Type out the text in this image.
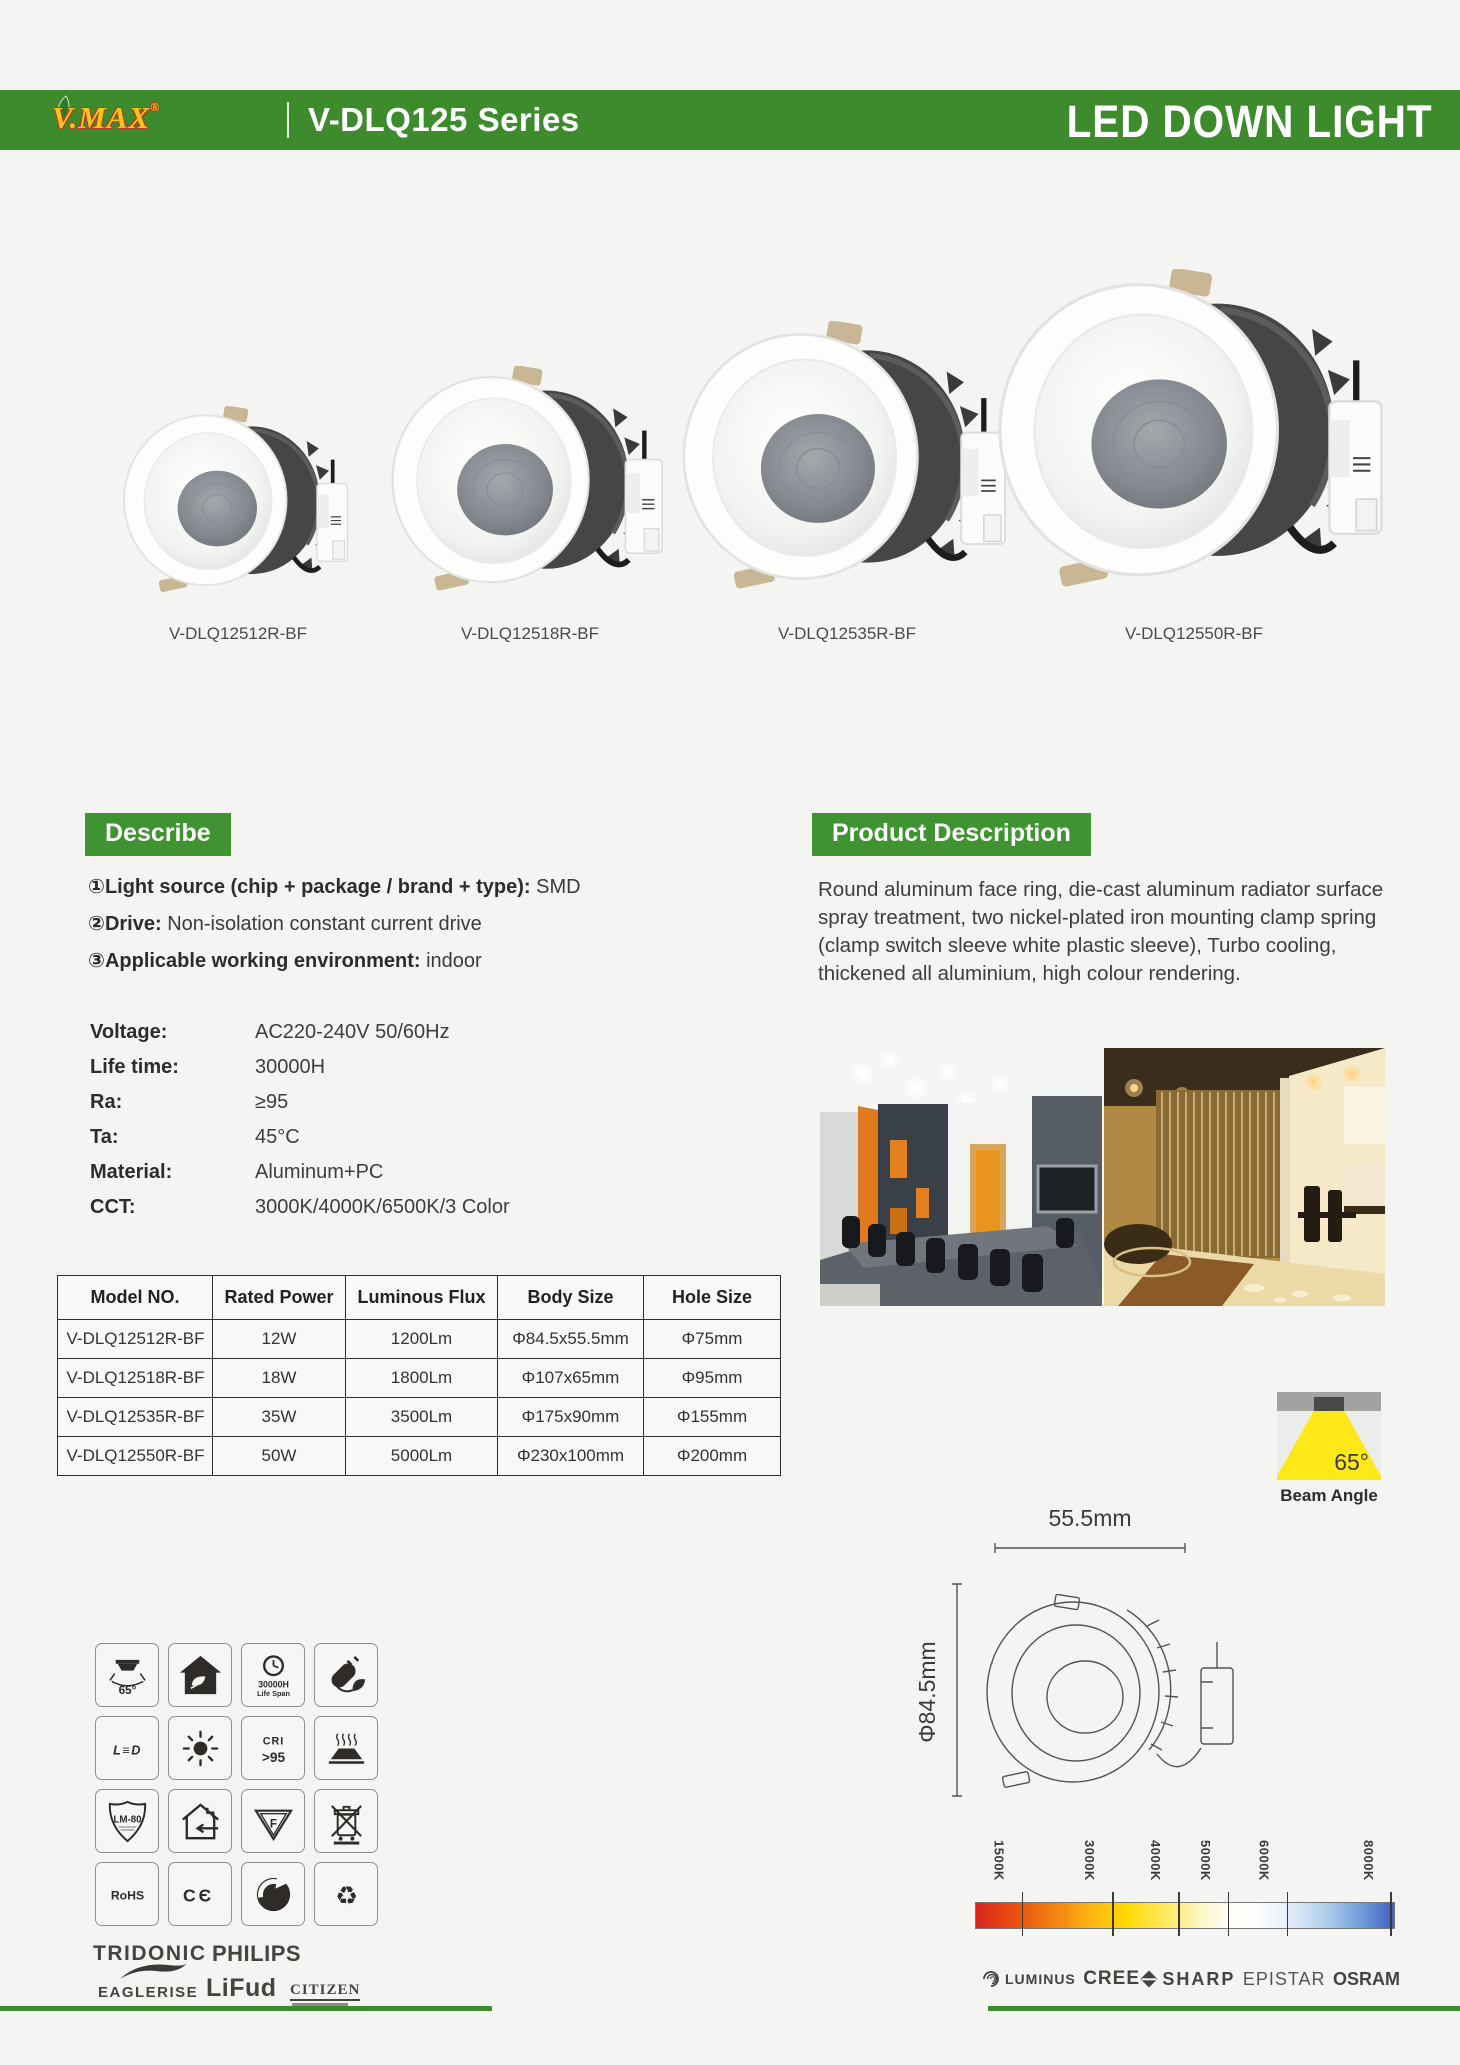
V.MAX®	V-DLQ125 Series	LED DOWN LIGHT
V-DLQ12512R-BF	V-DLQ12518R-BF	V-DLQ12535R-BF	V-DLQ12550R-BF
Describe
①Light source (chip + package / brand + type): SMD
②Drive: Non-isolation constant current drive
③Applicable working environment: indoor
Voltage:	AC220-240V 50/60Hz
Life time:	30000H
Ra:	≥95
Ta:	45°C
Material:	Aluminum+PC
CCT:	3000K/4000K/6500K/3 Color
Model NO.	Rated Power	Luminous Flux	Body Size	Hole Size
V-DLQ12512R-BF	12W	1200Lm	Φ84.5x55.5mm	Φ75mm
V-DLQ12518R-BF	18W	1800Lm	Φ107x65mm	Φ95mm
V-DLQ12535R-BF	35W	3500Lm	Φ175x90mm	Φ155mm
V-DLQ12550R-BF	50W	5000Lm	Φ230x100mm	Φ200mm
Product Description
Round aluminum face ring, die-cast aluminum radiator surface spray treatment, two nickel-plated iron mounting clamp spring (clamp switch sleeve white plastic sleeve), Turbo cooling, thickened all aluminium, high colour rendering.
65°
Beam Angle
55.5mm
Φ84.5mm
1500K	3000K	4000K	5000K	6000K	8000K
65°	30000H
Life Span
L≡D
CRI
>95
LM-80	F
RoHS CЄ	♻
TRIDONIC PHILIPS
EAGLERISE LiFud CITIZEN
LUMINUS CREE SHARP EPISTAR OSRAM
